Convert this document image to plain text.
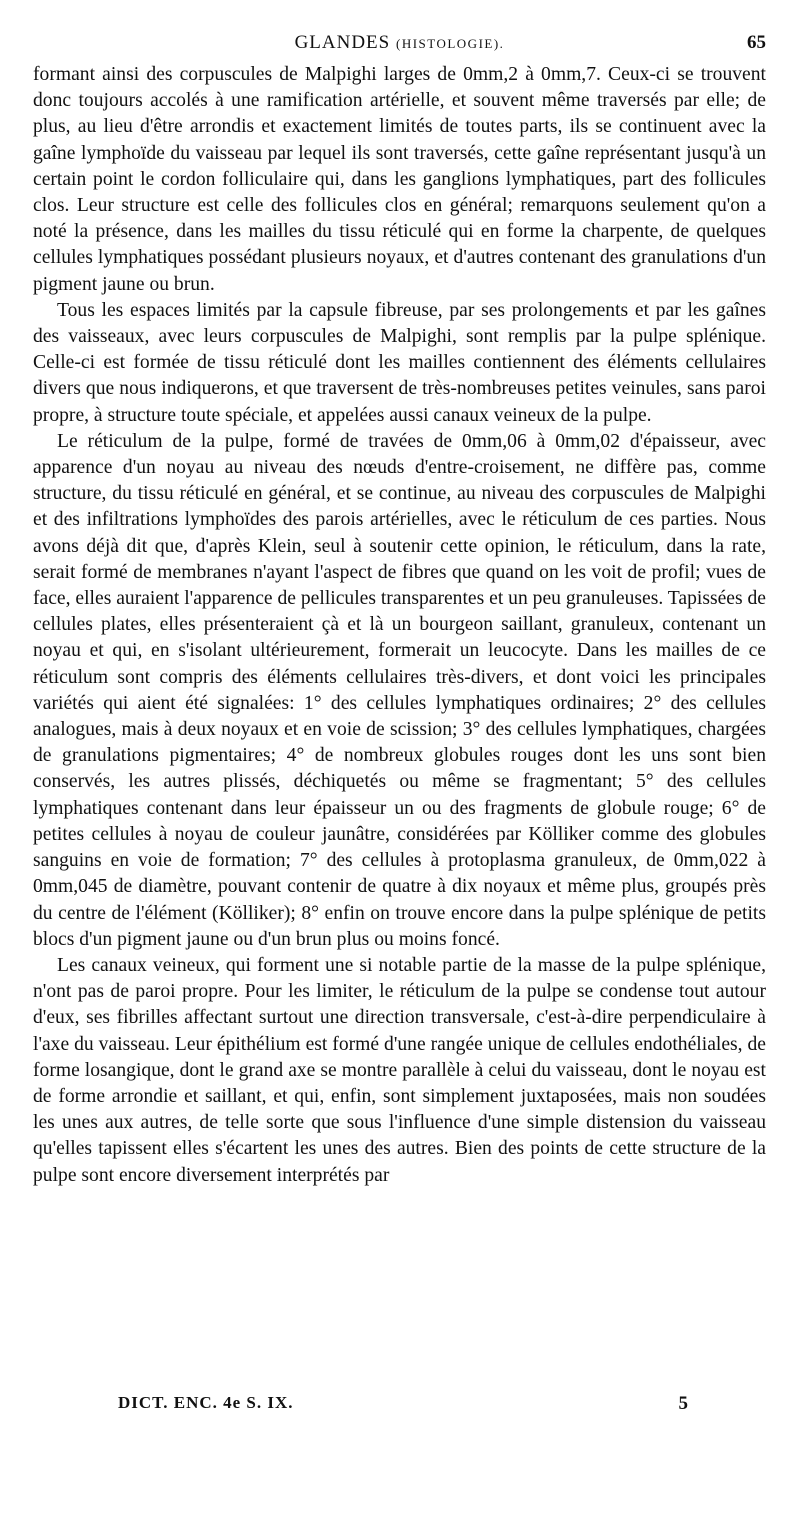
GLANDES (HISTOLOGIE).	65

formant ainsi des corpuscules de Malpighi larges de 0mm,2 à 0mm,7. Ceux-ci se trouvent donc toujours accolés à une ramification artérielle, et souvent même traversés par elle; de plus, au lieu d'être arrondis et exactement limités de toutes parts, ils se continuent avec la gaîne lymphoïde du vaisseau par lequel ils sont traversés, cette gaîne représentant jusqu'à un certain point le cordon folliculaire qui, dans les ganglions lymphatiques, part des follicules clos. Leur structure est celle des follicules clos en général; remarquons seulement qu'on a noté la présence, dans les mailles du tissu réticulé qui en forme la charpente, de quelques cellules lymphatiques possédant plusieurs noyaux, et d'autres contenant des granulations d'un pigment jaune ou brun.

Tous les espaces limités par la capsule fibreuse, par ses prolongements et par les gaînes des vaisseaux, avec leurs corpuscules de Malpighi, sont remplis par la pulpe splénique. Celle-ci est formée de tissu réticulé dont les mailles contiennent des éléments cellulaires divers que nous indiquerons, et que traversent de très-nombreuses petites veinules, sans paroi propre, à structure toute spéciale, et appelées aussi canaux veineux de la pulpe.

Le réticulum de la pulpe, formé de travées de 0mm,06 à 0mm,02 d'épaisseur, avec apparence d'un noyau au niveau des nœuds d'entre-croisement, ne diffère pas, comme structure, du tissu réticulé en général, et se continue, au niveau des corpuscules de Malpighi et des infiltrations lymphoïdes des parois artérielles, avec le réticulum de ces parties. Nous avons déjà dit que, d'après Klein, seul à soutenir cette opinion, le réticulum, dans la rate, serait formé de membranes n'ayant l'aspect de fibres que quand on les voit de profil; vues de face, elles auraient l'apparence de pellicules transparentes et un peu granuleuses. Tapissées de cellules plates, elles présenteraient çà et là un bourgeon saillant, granuleux, contenant un noyau et qui, en s'isolant ultérieurement, formerait un leucocyte. Dans les mailles de ce réticulum sont compris des éléments cellulaires très-divers, et dont voici les principales variétés qui aient été signalées: 1° des cellules lymphatiques ordinaires; 2° des cellules analogues, mais à deux noyaux et en voie de scission; 3° des cellules lymphatiques, chargées de granulations pigmentaires; 4° de nombreux globules rouges dont les uns sont bien conservés, les autres plissés, déchiquetés ou même se fragmentant; 5° des cellules lymphatiques contenant dans leur épaisseur un ou des fragments de globule rouge; 6° de petites cellules à noyau de couleur jaunâtre, considérées par Kölliker comme des globules sanguins en voie de formation; 7° des cellules à protoplasma granuleux, de 0mm,022 à 0mm,045 de diamètre, pouvant contenir de quatre à dix noyaux et même plus, groupés près du centre de l'élément (Kölliker); 8° enfin on trouve encore dans la pulpe splénique de petits blocs d'un pigment jaune ou d'un brun plus ou moins foncé.

Les canaux veineux, qui forment une si notable partie de la masse de la pulpe splénique, n'ont pas de paroi propre. Pour les limiter, le réticulum de la pulpe se condense tout autour d'eux, ses fibrilles affectant surtout une direction transversale, c'est-à-dire perpendiculaire à l'axe du vaisseau. Leur épithélium est formé d'une rangée unique de cellules endothéliales, de forme losangique, dont le grand axe se montre parallèle à celui du vaisseau, dont le noyau est de forme arrondie et saillant, et qui, enfin, sont simplement juxtaposées, mais non soudées les unes aux autres, de telle sorte que sous l'influence d'une simple distension du vaisseau qu'elles tapissent elles s'écartent les unes des autres. Bien des points de cette structure de la pulpe sont encore diversement interprétés par

DICT. ENC. 4e S. IX.	5
